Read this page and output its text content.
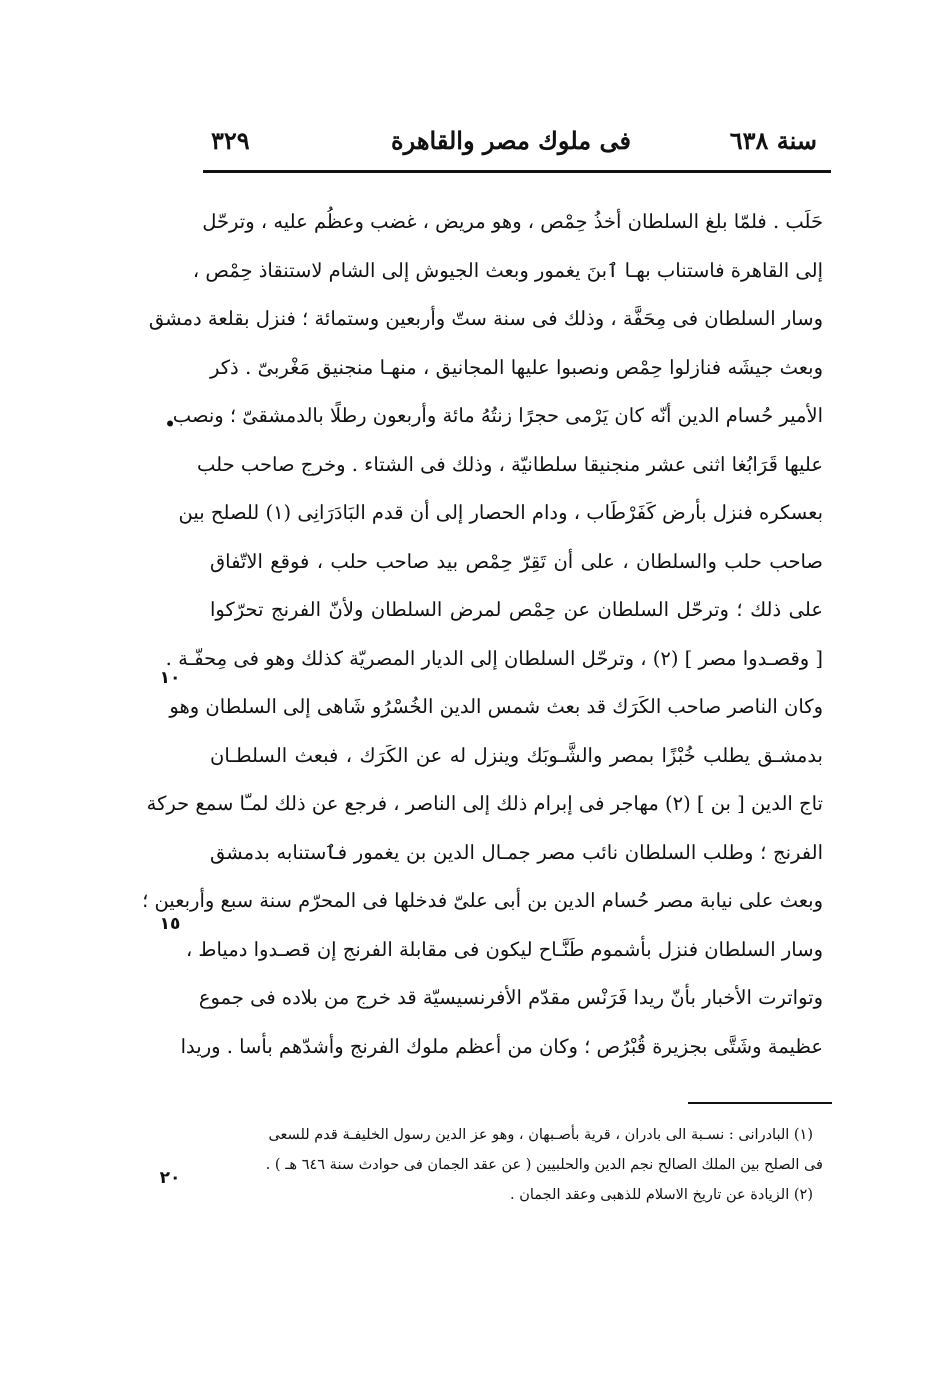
سنة ٦٣٨
فى ملوك مصر والقاهرة
٣٢٩
حَلَب . فلمّا بلغ السلطان أخذُ حِمْص ، وهو مريض ، غضب وعظُم عليه ، وترحّل
إلى القاهرة فاستناب بهـا ٱبنَ يغمور وبعث الجيوش إلى الشام لاستنقاذ حِمْص ،
وسار السلطان فى مِحَفَّة ، وذلك فى سنة ستّ وأربعين وستمائة ؛ فنزل بقلعة دمشق
وبعث جيشَه فنازلوا حِمْص ونصبوا عليها المجانيق ، منهـا منجنيق مَغْربىّ . ذكر
الأمير حُسام الدين أنّه كان يَرْمى حجرًا زنتُهُ مائة وأربعون رطلًا بالدمشقىّ ؛ ونصب
عليها قَرَابُغا اثنى عشر منجنيقا سلطانيّة ، وذلك فى الشتاء . وخرج صاحب حلب
بعسكره فنزل بأرض كَفَرْطَاب ، ودام الحصار إلى أن قدم البَادَرَانِى (١) للصلح بين
صاحب حلب والسلطان ، على أن تَقِرّ حِمْص بيد صاحب حلب ، فوقع الاتّفاق
على ذلك ؛ وترحّل السلطان عن حِمْص لمرض السلطان ولأنّ الفرنج تحرّكوا
[ وقصـدوا مصر ] (٢) ، وترحّل السلطان إلى الديار المصريّة كذلك وهو فى مِحفّـة .
وكان الناصر صاحب الكَرَك قد بعث شمس الدين الخُسْرُو شَاهى إلى السلطان وهو
بدمشـق يطلب خُبْزًا بمصر والشَّـوبَك وينزل له عن الكَرَك ، فبعث السلطـان
تاج الدين [ بن ] (٢) مهاجر فى إبرام ذلك إلى الناصر ، فرجع عن ذلك لمـّا سمع حركة
الفرنج ؛ وطلب السلطان نائب مصر جمـال الدين بن يغمور فٱستنابه بدمشق
وبعث على نيابة مصر حُسام الدين بن أبى علىّ فدخلها فى المحرّم سنة سبع وأربعين ؛
وسار السلطان فنزل بأشموم طَنَّـاح ليكون فى مقابلة الفرنج إن قصـدوا دمياط ،
وتواترت الأخبار بأنّ ريدا فَرَنْس مقدّم الأفرنسيسيّة قد خرج من بلاده فى جموع
عظيمة وشَتَّى بجزيرة قُبْرُص ؛ وكان من أعظم ملوك الفرنج وأشدّهم بأسا . وريدا
•
١٠
١٥
٢٠
(١) البادرانى : نسـبة الى بادران ، قرية بأصـبهان ، وهو عز الدين رسول الخليفـة قدم للسعى
فى الصلح بين الملك الصالح نجم الدين والحلبيين ( عن عقد الجمان فى حوادث سنة ٦٤٦ هـ ) .
(٢) الزيادة عن تاريخ الاسلام للذهبى وعقد الجمان .
